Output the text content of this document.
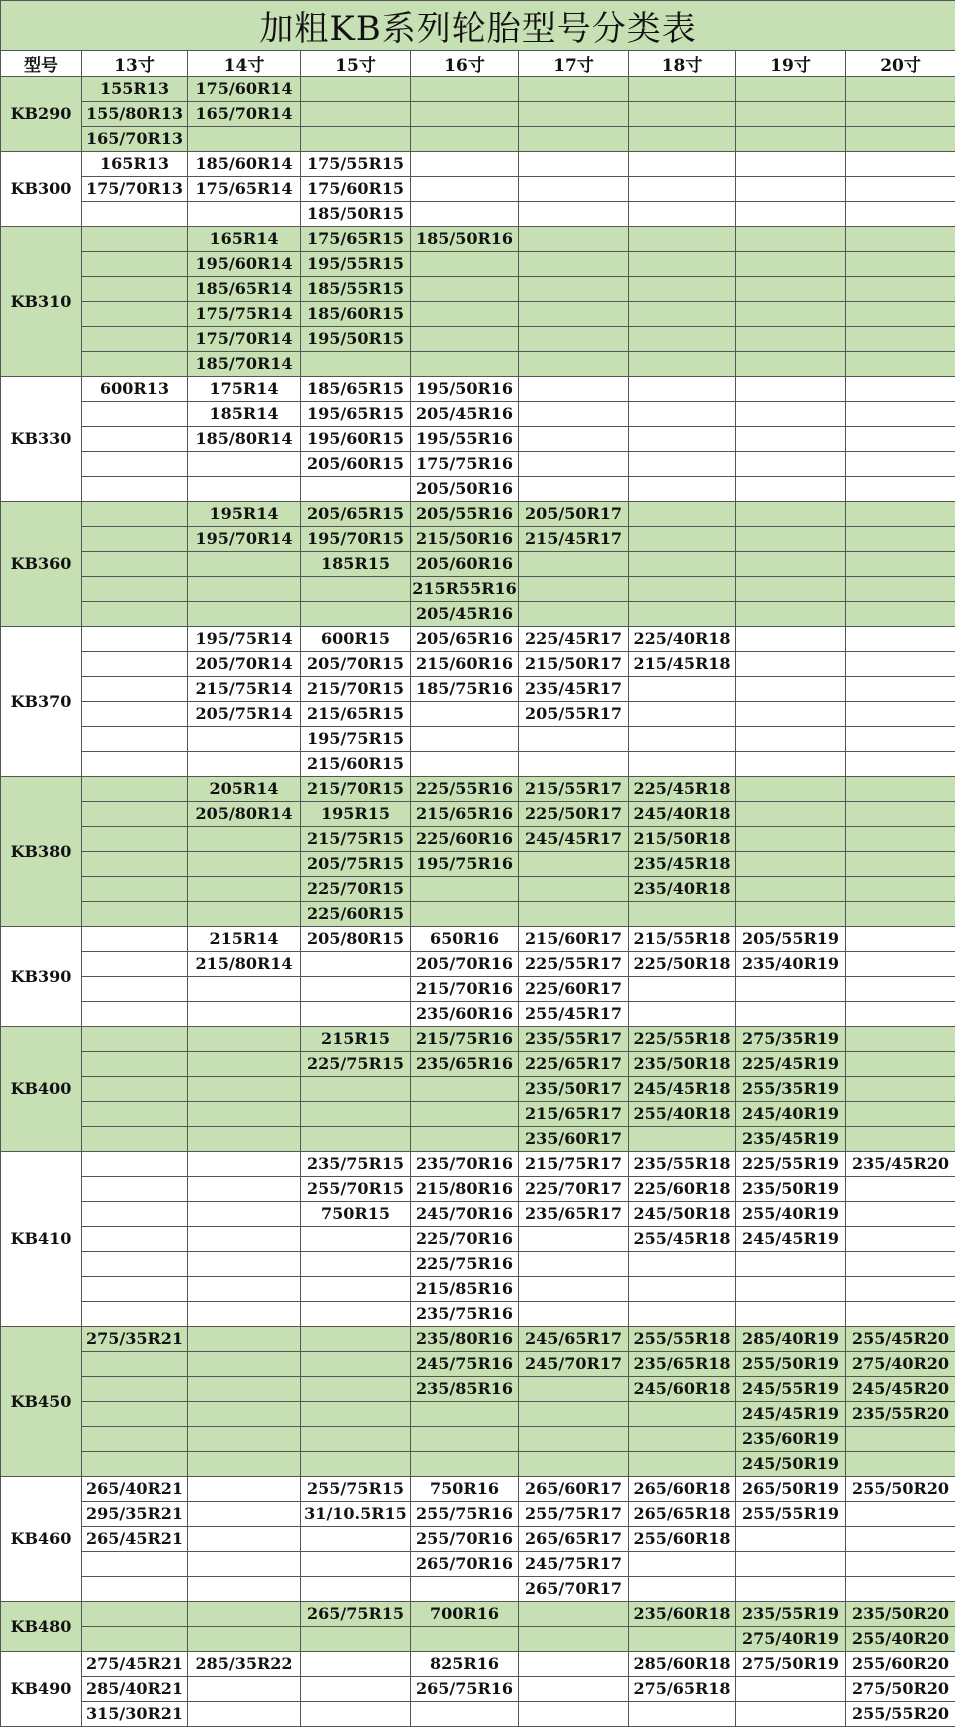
加粗KB系列轮胎型号分类表								
型号	13寸	14寸	15寸	16寸	17寸	18寸	19寸	20寸
KB290	155R13	175/60R14						
	155/80R13	165/70R14						
	165/70R13							
KB300	165R13	185/60R14	175/55R15					
	175/70R13	175/65R14	175/60R15					
			185/50R15					
KB310		165R14	175/65R15	185/50R16				
		195/60R14	195/55R15					
		185/65R14	185/55R15					
		175/75R14	185/60R15					
		175/70R14	195/50R15					
		185/70R14						
KB330	600R13	175R14	185/65R15	195/50R16				
		185R14	195/65R15	205/45R16				
		185/80R14	195/60R15	195/55R16				
			205/60R15	175/75R16				
				205/50R16				
KB360		195R14	205/65R15	205/55R16	205/50R17			
		195/70R14	195/70R15	215/50R16	215/45R17			
			185R15	205/60R16				
				215R55R16				
				205/45R16				
KB370		195/75R14	600R15	205/65R16	225/45R17	225/40R18		
		205/70R14	205/70R15	215/60R16	215/50R17	215/45R18		
		215/75R14	215/70R15	185/75R16	235/45R17			
		205/75R14	215/65R15		205/55R17			
			195/75R15					
			215/60R15					
KB380		205R14	215/70R15	225/55R16	215/55R17	225/45R18		
		205/80R14	195R15	215/65R16	225/50R17	245/40R18		
			215/75R15	225/60R16	245/45R17	215/50R18		
			205/75R15	195/75R16		235/45R18		
			225/70R15			235/40R18		
			225/60R15					
KB390		215R14	205/80R15	650R16	215/60R17	215/55R18	205/55R19	
		215/80R14		205/70R16	225/55R17	225/50R18	235/40R19	
				215/70R16	225/60R17			
				235/60R16	255/45R17			
KB400			215R15	215/75R16	235/55R17	225/55R18	275/35R19	
			225/75R15	235/65R16	225/65R17	235/50R18	225/45R19	
					235/50R17	245/45R18	255/35R19	
					215/65R17	255/40R18	245/40R19	
					235/60R17		235/45R19	
KB410			235/75R15	235/70R16	215/75R17	235/55R18	225/55R19	235/45R20
			255/70R15	215/80R16	225/70R17	225/60R18	235/50R19	
			750R15	245/70R16	235/65R17	245/50R18	255/40R19	
				225/70R16		255/45R18	245/45R19	
				225/75R16				
				215/85R16				
				235/75R16				
KB450	275/35R21			235/80R16	245/65R17	255/55R18	285/40R19	255/45R20
				245/75R16	245/70R17	235/65R18	255/50R19	275/40R20
				235/85R16		245/60R18	245/55R19	245/45R20
							245/45R19	235/55R20
							235/60R19	
							245/50R19	
KB460	265/40R21		255/75R15	750R16	265/60R17	265/60R18	265/50R19	255/50R20
	295/35R21		31/10.5R15	255/75R16	255/75R17	265/65R18	255/55R19	
	265/45R21			255/70R16	265/65R17	255/60R18		
				265/70R16	245/75R17			
					265/70R17			
KB480			265/75R15	700R16		235/60R18	235/55R19	235/50R20
							275/40R19	255/40R20
KB490	275/45R21	285/35R22		825R16		285/60R18	275/50R19	255/60R20
	285/40R21			265/75R16		275/65R18		275/50R20
	315/30R21							255/55R20
